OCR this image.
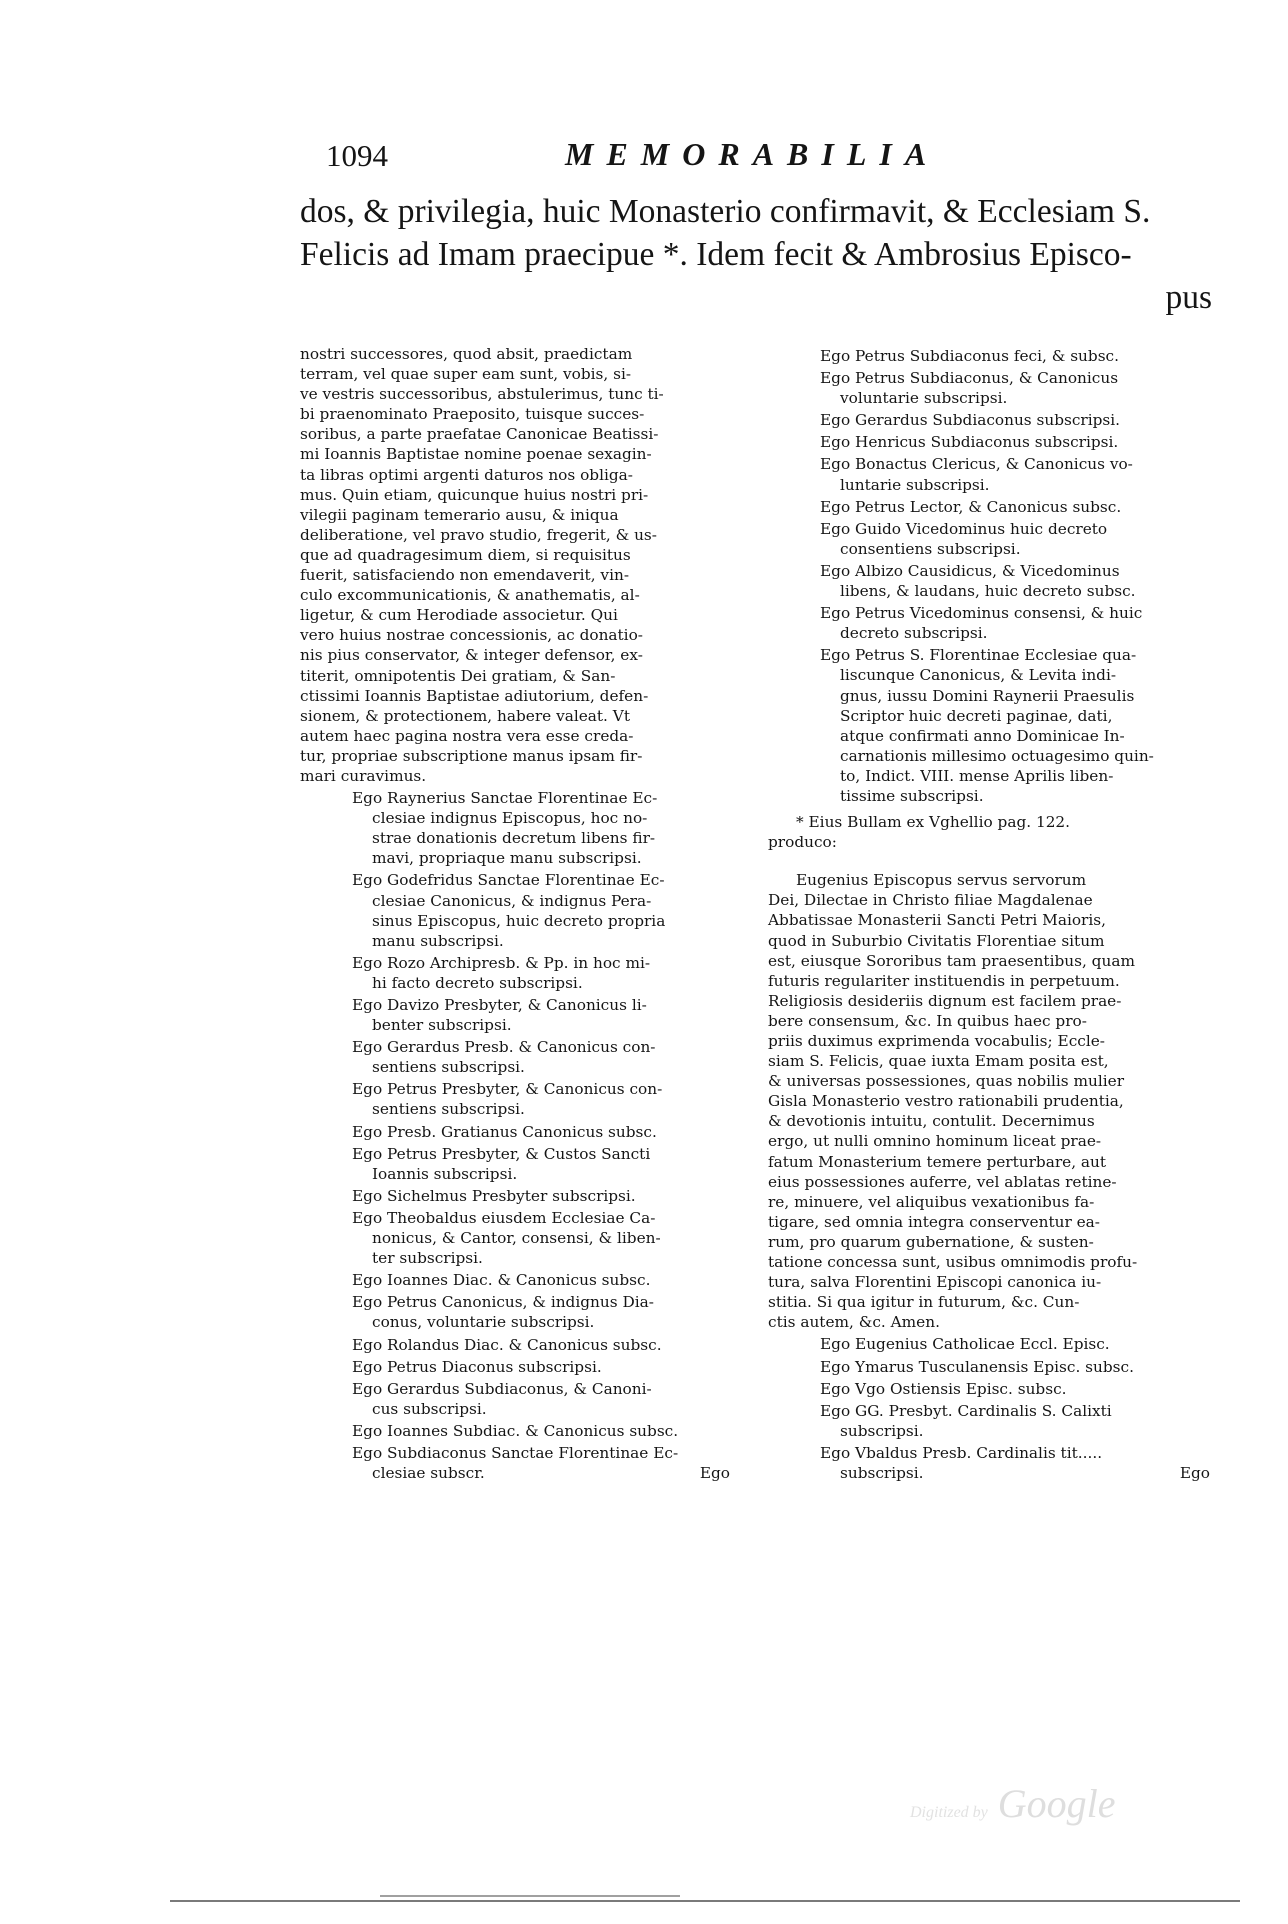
1094	MEMORABILIA
dos, & privilegia, huic Monasterio confirmavit, & Ecclesiam S.
Felicis ad Imam praecipue *. Idem fecit & Ambrosius Episco-
pus
nostri successores, quod absit, praedictam
terram, vel quae super eam sunt, vobis, si-
ve vestris successoribus, abstulerimus, tunc ti-
bi praenominato Praeposito, tuisque succes-
soribus, a parte praefatae Canonicae Beatissi-
mi Ioannis Baptistae nomine poenae sexagin-
ta libras optimi argenti daturos nos obliga-
mus. Quin etiam, quicunque huius nostri pri-
vilegii paginam temerario ausu, & iniqua
deliberatione, vel pravo studio, fregerit, & us-
que ad quadragesimum diem, si requisitus
fuerit, satisfaciendo non emendaverit, vin-
culo excommunicationis, & anathematis, al-
ligetur, & cum Herodiade associetur. Qui
vero huius nostrae concessionis, ac donatio-
nis pius conservator, & integer defensor, ex-
titerit, omnipotentis Dei gratiam, & San-
ctissimi Ioannis Baptistae adiutorium, defen-
sionem, & protectionem, habere valeat. Vt
autem haec pagina nostra vera esse creda-
tur, propriae subscriptione manus ipsam fir-
mari curavimus.
Ego Raynerius Sanctae Florentinae Ec-
clesiae indignus Episcopus, hoc no-
strae donationis decretum libens fir-
mavi, propriaque manu subscripsi.
Ego Godefridus Sanctae Florentinae Ec-
clesiae Canonicus, & indignus Pera-
sinus Episcopus, huic decreto propria
manu subscripsi.
Ego Rozo Archipresb. & Pp. in hoc mi-
hi facto decreto subscripsi.
Ego Davizo Presbyter, & Canonicus li-
benter subscripsi.
Ego Gerardus Presb. & Canonicus con-
sentiens subscripsi.
Ego Petrus Presbyter, & Canonicus con-
sentiens subscripsi.
Ego Presb. Gratianus Canonicus subsc.
Ego Petrus Presbyter, & Custos Sancti
Ioannis subscripsi.
Ego Sichelmus Presbyter subscripsi.
Ego Theobaldus eiusdem Ecclesiae Ca-
nonicus, & Cantor, consensi, & liben-
ter subscripsi.
Ego Ioannes Diac. & Canonicus subsc.
Ego Petrus Canonicus, & indignus Dia-
conus, voluntarie subscripsi.
Ego Rolandus Diac. & Canonicus subsc.
Ego Petrus Diaconus subscripsi.
Ego Gerardus Subdiaconus, & Canoni-
cus subscripsi.
Ego Ioannes Subdiac. & Canonicus subsc.
Ego Subdiaconus Sanctae Florentinae Ec-
clesiae subscr.	Ego
Ego Petrus Subdiaconus feci, & subsc.
Ego Petrus Subdiaconus, & Canonicus
voluntarie subscripsi.
Ego Gerardus Subdiaconus subscripsi.
Ego Henricus Subdiaconus subscripsi.
Ego Bonactus Clericus, & Canonicus vo-
luntarie subscripsi.
Ego Petrus Lector, & Canonicus subsc.
Ego Guido Vicedominus huic decreto
consentiens subscripsi.
Ego Albizo Causidicus, & Vicedominus
libens, & laudans, huic decreto subsc.
Ego Petrus Vicedominus consensi, & huic
decreto subscripsi.
Ego Petrus S. Florentinae Ecclesiae qua-
liscunque Canonicus, & Levita indi-
gnus, iussu Domini Raynerii Praesulis
Scriptor huic decreti paginae, dati,
atque confirmati anno Dominicae In-
carnationis millesimo octuagesimo quin-
to, Indict. VIII. mense Aprilis liben-
tissime subscripsi.
* Eius Bullam ex Vghellio pag. 122.
produco:
Eugenius Episcopus servus servorum
Dei, Dilectae in Christo filiae Magdalenae
Abbatissae Monasterii Sancti Petri Maioris,
quod in Suburbio Civitatis Florentiae situm
est, eiusque Sororibus tam praesentibus, quam
futuris regulariter instituendis in perpetuum.
Religiosis desideriis dignum est facilem prae-
bere consensum, &c. In quibus haec pro-
priis duximus exprimenda vocabulis; Eccle-
siam S. Felicis, quae iuxta Emam posita est,
& universas possessiones, quas nobilis mulier
Gisla Monasterio vestro rationabili prudentia,
& devotionis intuitu, contulit. Decernimus
ergo, ut nulli omnino hominum liceat prae-
fatum Monasterium temere perturbare, aut
eius possessiones auferre, vel ablatas retine-
re, minuere, vel aliquibus vexationibus fa-
tigare, sed omnia integra conserventur ea-
rum, pro quarum gubernatione, & susten-
tatione concessa sunt, usibus omnimodis profu-
tura, salva Florentini Episcopi canonica iu-
stitia. Si qua igitur in futurum, &c. Cun-
ctis autem, &c. Amen.
Ego Eugenius Catholicae Eccl. Episc.
Ego Ymarus Tusculanensis Episc. subsc.
Ego Vgo Ostiensis Episc. subsc.
Ego GG. Presbyt. Cardinalis S. Calixti
subscripsi.
Ego Vbaldus Presb. Cardinalis tit.....
subscripsi.	Ego
Digitized by Google
